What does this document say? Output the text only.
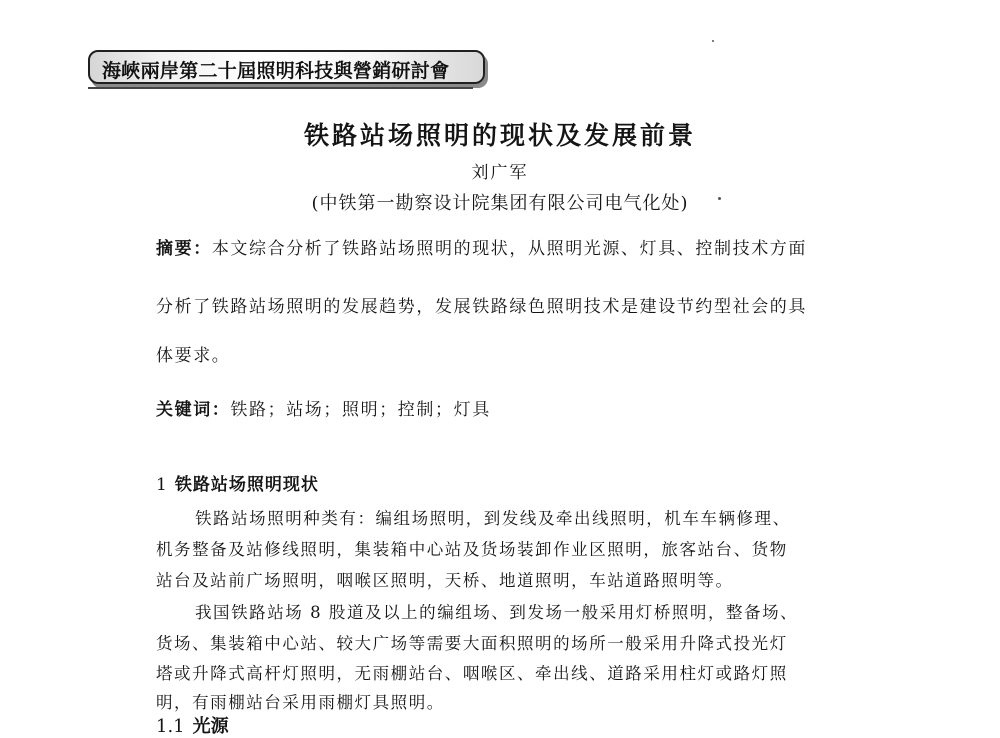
海峽兩岸第二十屆照明科技與營銷研討會
铁路站场照明的现状及发展前景
刘广军
(中铁第一勘察设计院集团有限公司电气化处)
摘要：本文综合分析了铁路站场照明的现状，从照明光源、灯具、控制技术方面
分析了铁路站场照明的发展趋势，发展铁路绿色照明技术是建设节约型社会的具
体要求。
关键词：铁路；站场；照明；控制；灯具
1 铁路站场照明现状
铁路站场照明种类有：编组场照明，到发线及牵出线照明，机车车辆修理、
机务整备及站修线照明，集装箱中心站及货场装卸作业区照明，旅客站台、货物
站台及站前广场照明，咽喉区照明，天桥、地道照明，车站道路照明等。
我国铁路站场 8 股道及以上的编组场、到发场一般采用灯桥照明，整备场、
货场、集装箱中心站、较大广场等需要大面积照明的场所一般采用升降式投光灯
塔或升降式高杆灯照明，无雨棚站台、咽喉区、牵出线、道路采用柱灯或路灯照
明，有雨棚站台采用雨棚灯具照明。
1.1 光源
